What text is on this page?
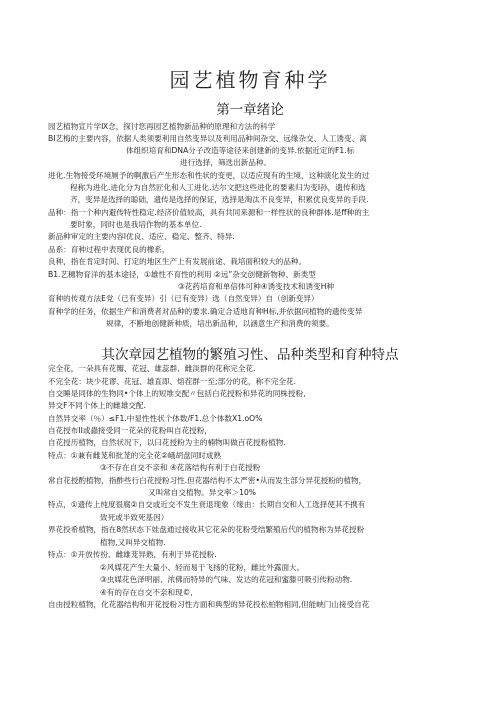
园艺植物育种学
第一章绪论
园艺植物宣片学Ⅸ念，探讨您再园艺植物新品种的原理和方法的科学
BI艺梅的主要内容，依据人类须要利用自然变异以及利用品种间杂交、远缘杂交、人工诱变、离
体组织培育和DNA分子改造等途径来创建新的变异.依据近定的F1.标
进行选择，筛选出新品种。
进化.生物接受环境厕予的啊激后产生形态和性状的变更，以适应现有的生境，这种演化发生的过
程称为进化.进化分为自然匠化和人工进化.达尔文把这些进化的要素归为变Ⅰ孙，遗传和选
齐，变异是选择的聪础，遗传是选择的保证，选择是淘汰不良变异，积累优良变异的手段.
品种：指一个种内避传特性稳定.经济价值较高，具有共同来源和一样性状的良种群体.是ff种的主
要时象，同时也是我培作物的基本单位.
新品种审定的主要内容l优良、适应、稳定、整齐、特异.
品系：育种过程中表现优良的橡系，
良种，指在肯定时间、打定的地区生产上有发展前途、栽培面积较大的品种。
B1.艺穗物育洋的基本途径，①雄性不育性的利用 ②远”杂交创健新物种、新类型
③花药培育和单倍体可种④诱变技术和诱变H种
育种的传观方法E党（已有变异）引（已有变异）选（自然变异）自（创新变异）
育种学的任务，依据生产和消费者对品种的要求.确定合适地育种H标,并依据问植物的遗传变异
规律，不断地创健新种质，培出新品种，以涵意生产和消费的须要。
其次章园艺植物的繁殖习性、品种类型和育种特点
完全花，一朵具有花瓣、花冠、雄蕊群、雌淡群的花称完全花.
不完全花：块少花谬、花冠、雄直即、熔茬群一至;部分的花，称不完全花.
自交睡是同体的生物同•个体上的短堆交配〃包括白花授粉和异花的同株授粉,
异交F不同个体上的雌雄交配.
自然异交率（％）≤F1.中显性性状个体数/F1.总个体数X1.oO%
自花授布II或蟲接受同一花朵的花粉叫自花授粉，
自花授历植物，自然状况下，以曰花授粉为主的楠物叫做百花授粉植物.
特点：①兼有雌茏和批茏的完全花②峨胡盘同时成熟
③不存在自交不亲和 ④花落结构有利于白花授粉
常自花授酌植物，指酢些行白花授粉习性.但花器结构不太严密•从而发生部分异花授粉的植物，
又叫常自交植物。异交率＞10%
特点，①遗传上纯度很腐②自交或近交不发生衰退现象（缘由：长期自交和人工选择使其不携有
致死或半致死基因）
界花投希植物，指在8然状态下娃盘通过接收其它花朵的花粉受结繁殖后代的植物称为异花授粉
植物,又叫异交植物.
特点：①开放传扮、雌雄茏异熟，有利于异花授粉.
②风媒花产生大量小、轻而易于飞扬的花粉，雌比外露面大。
③虫媒花色泽明丽、浓佛而特异的气味、发达的花冠和蜜滕可吸引传粉动物.
④有的存在自交不亲和现©,
自由授粒植物，化花器结构和开花授粉习性方面和典型的异花投松柏物相同,但能峡门山接受自花
